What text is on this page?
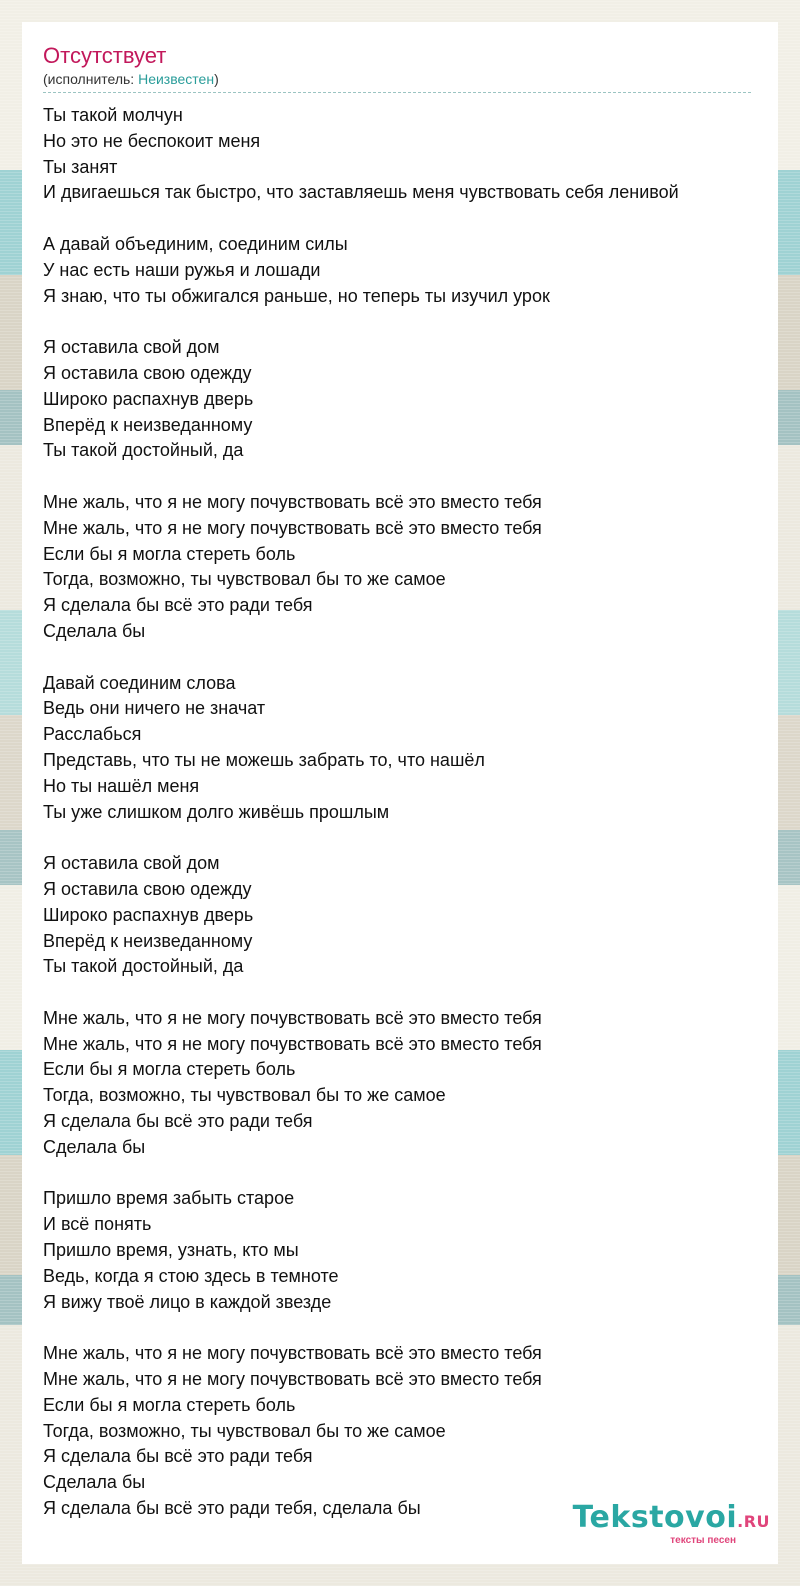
Отсутствует
(исполнитель: Неизвестен)
Ты такой молчун
Но это не беспокоит меня
Ты занят
И двигаешься так быстро, что заставляешь меня чувствовать себя ленивой
А давай объединим, соединим силы
У нас есть наши ружья и лошади
Я знаю, что ты обжигался раньше, но теперь ты изучил урок
Я оставила свой дом
Я оставила свою одежду
Широко распахнув дверь
Вперёд к неизведанному
Ты такой достойный, да
Мне жаль, что я не могу почувствовать всё это вместо тебя
Мне жаль, что я не могу почувствовать всё это вместо тебя
Если бы я могла стереть боль
Тогда, возможно, ты чувствовал бы то же самое
Я сделала бы всё это ради тебя
Сделала бы
Давай соединим слова
Ведь они ничего не значат
Расслабься
Представь, что ты не можешь забрать то, что нашёл
Но ты нашёл меня
Ты уже слишком долго живёшь прошлым
Я оставила свой дом
Я оставила свою одежду
Широко распахнув дверь
Вперёд к неизведанному
Ты такой достойный, да
Мне жаль, что я не могу почувствовать всё это вместо тебя
Мне жаль, что я не могу почувствовать всё это вместо тебя
Если бы я могла стереть боль
Тогда, возможно, ты чувствовал бы то же самое
Я сделала бы всё это ради тебя
Сделала бы
Пришло время забыть старое
И всё понять
Пришло время, узнать, кто мы
Ведь, когда я стою здесь в темноте
Я вижу твоё лицо в каждой звезде
Мне жаль, что я не могу почувствовать всё это вместо тебя
Мне жаль, что я не могу почувствовать всё это вместо тебя
Если бы я могла стереть боль
Тогда, возможно, ты чувствовал бы то же самое
Я сделала бы всё это ради тебя
Сделала бы
Я сделала бы всё это ради тебя, сделала бы	Tekstovoi.RU
тексты песен
